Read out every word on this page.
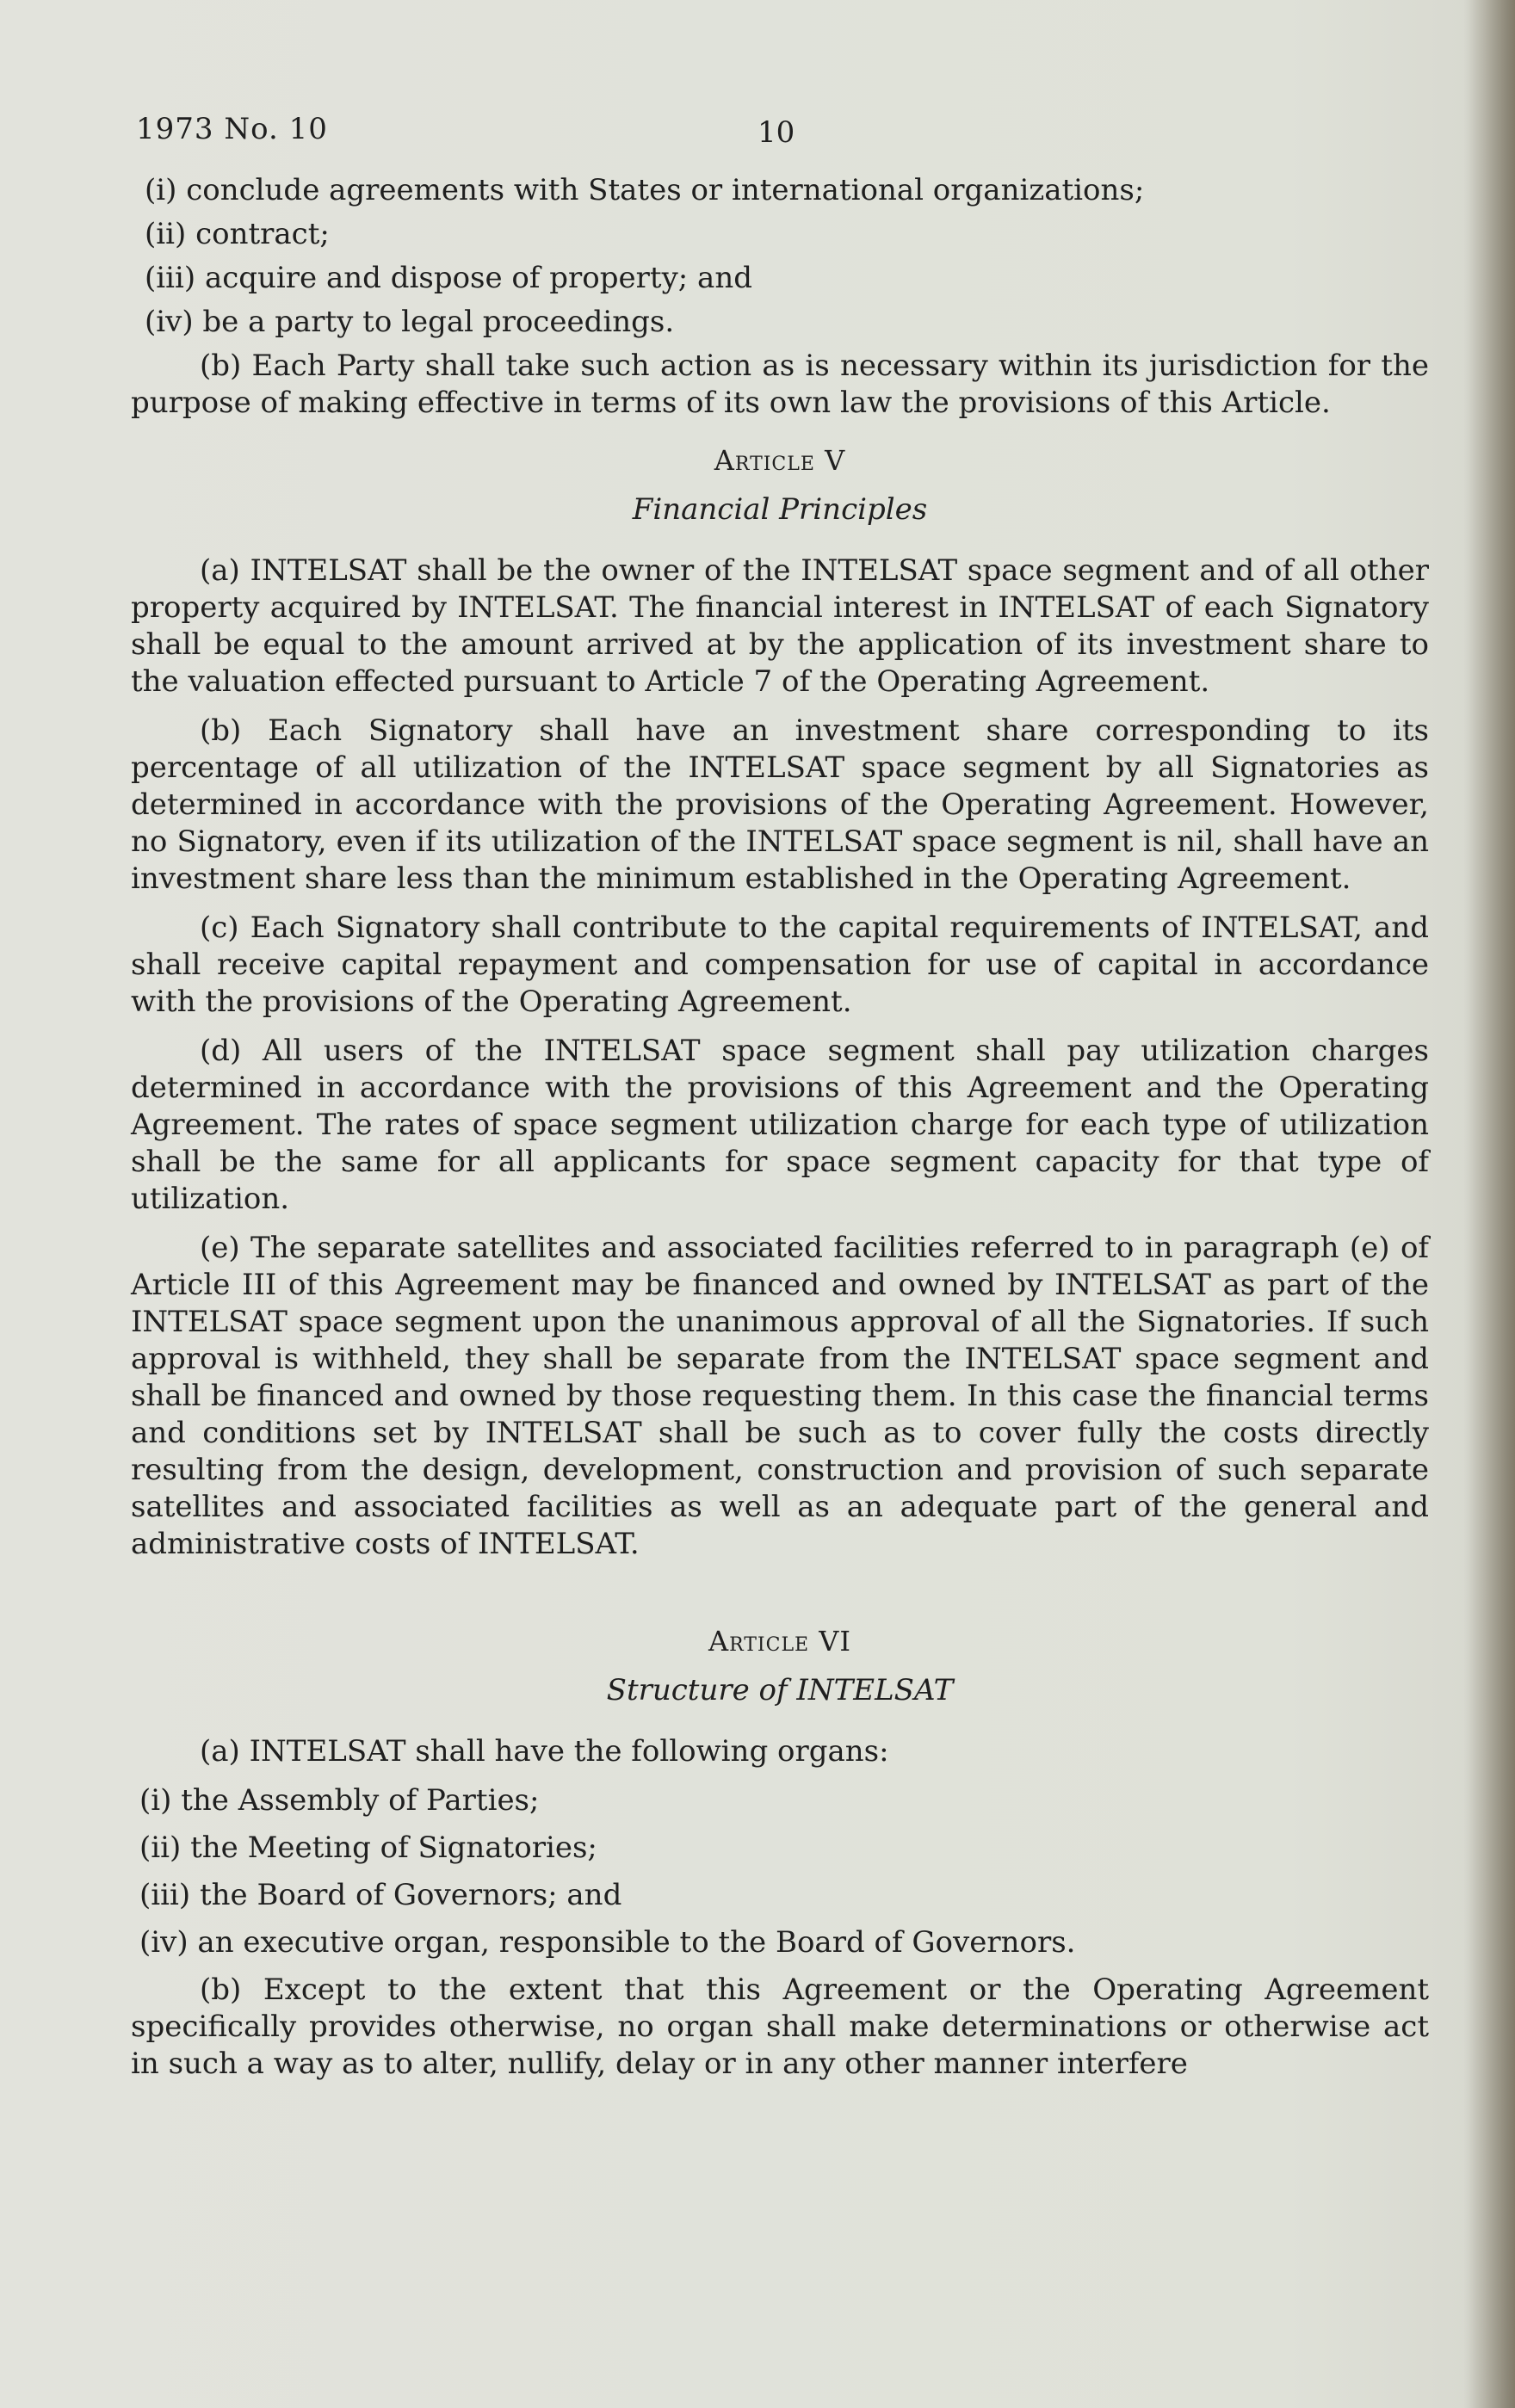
1973 No. 10	10

(i) conclude agreements with States or international organizations;

(ii) contract;

(iii) acquire and dispose of property; and

(iv) be a party to legal proceedings.

(b) Each Party shall take such action as is necessary within its jurisdiction for the purpose of making effective in terms of its own law the provisions of this Article.

Article V
Financial Principles

(a) INTELSAT shall be the owner of the INTELSAT space segment and of all other property acquired by INTELSAT. The financial interest in INTELSAT of each Signatory shall be equal to the amount arrived at by the application of its investment share to the valuation effected pursuant to Article 7 of the Operating Agreement.

(b) Each Signatory shall have an investment share corresponding to its percentage of all utilization of the INTELSAT space segment by all Signatories as determined in accordance with the provisions of the Operating Agreement. However, no Signatory, even if its utilization of the INTELSAT space segment is nil, shall have an investment share less than the minimum established in the Operating Agreement.

(c) Each Signatory shall contribute to the capital requirements of INTELSAT, and shall receive capital repayment and compensation for use of capital in accordance with the provisions of the Operating Agreement.

(d) All users of the INTELSAT space segment shall pay utilization charges determined in accordance with the provisions of this Agreement and the Operating Agreement. The rates of space segment utilization charge for each type of utilization shall be the same for all applicants for space segment capacity for that type of utilization.

(e) The separate satellites and associated facilities referred to in paragraph (e) of Article III of this Agreement may be financed and owned by INTELSAT as part of the INTELSAT space segment upon the unanimous approval of all the Signatories. If such approval is withheld, they shall be separate from the INTELSAT space segment and shall be financed and owned by those requesting them. In this case the financial terms and conditions set by INTELSAT shall be such as to cover fully the costs directly resulting from the design, development, construction and provision of such separate satellites and associated facilities as well as an adequate part of the general and administrative costs of INTELSAT.

Article VI
Structure of INTELSAT

(a) INTELSAT shall have the following organs:

(i) the Assembly of Parties;

(ii) the Meeting of Signatories;

(iii) the Board of Governors; and

(iv) an executive organ, responsible to the Board of Governors.

(b) Except to the extent that this Agreement or the Operating Agreement specifically provides otherwise, no organ shall make determinations or otherwise act in such a way as to alter, nullify, delay or in any other manner interfere
